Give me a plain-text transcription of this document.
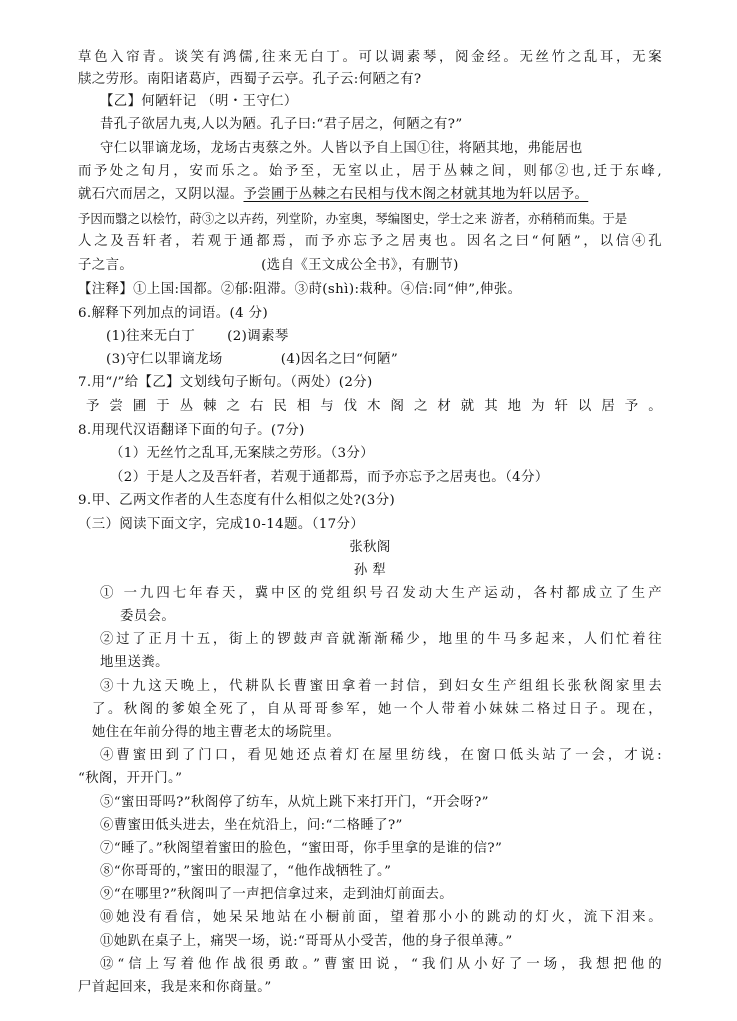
草色入帘青。谈笑有鸿儒,往来无白丁。可以调素琴，阅金经。无丝竹之乱耳，无案
牍之劳形。南阳诸葛庐，西蜀子云亭。孔子云:何陋之有?
【乙】何陋轩记 （明・王守仁）
昔孔子欲居九夷,人以为陋。孔子曰:“君子居之，何陋之有?”
守仁以罪谪龙场，龙场古夷蔡之外。人皆以予自上国①往，将陋其地，弗能居也
而予处之旬月，安而乐之。始予至，无室以止，居于丛棘之间，则郁②也,迁于东峰,
就石穴而居之，又阴以湿。予尝圃于丛棘之右民相与伐木阁之材就其地为轩以居予。
予因而翳之以桧竹，莳③之以卉药，列堂阶，办室奥，琴编图史，学士之来 游者，亦稍稍而集。于是
人之及吾轩者，若观于通都焉，而予亦忘予之居夷也。因名之曰“何陋”，以信④孔
子之言。	(选自《王文成公全书》，有删节)
【注释】①上国:国都。②郁:阻滞。③莳(shì):栽种。④信:同“伸”,伸张。
6.解释下列加点的词语。(4 分)
(1)往来无白丁 (2)调素琴
(3)守仁以罪谪龙场	(4)因名之曰“何陋”
7.用“/”给【乙】文划线句子断句。（两处）(2分)
予尝圃于丛棘之右民相与伐木阁之材就其地为轩以居予。
8.用现代汉语翻译下面的句子。(7分)
（1）无丝竹之乱耳,无案牍之劳形。（3分）
（2）于是人之及吾轩者，若观于通都焉，而予亦忘予之居夷也。（4分）
9.甲、乙两文作者的人生态度有什么相似之处?(3分)
（三）阅读下面文字，完成10-14题。（17分）
张秋阁
孙 犁
① 一九四七年春天，冀中区的党组织号召发动大生产运动，各村都成立了生产
委员会。
②过了正月十五，街上的锣鼓声音就渐渐稀少，地里的牛马多起来，人们忙着往
地里送粪。
③十九这天晚上，代耕队长曹蜜田拿着一封信，到妇女生产组组长张秋阁家里去
了。秋阁的爹娘全死了，自从哥哥参军，她一个人带着小妹妹二格过日子。现在，
她住在年前分得的地主曹老太的场院里。
④曹蜜田到了门口，看见她还点着灯在屋里纺线，在窗口低头站了一会，才说:
“秋阁，开开门。”
⑤“蜜田哥吗?”秋阁停了纺车，从炕上跳下来打开门，“开会呀?”
⑥曹蜜田低头进去，坐在炕沿上，问:“二格睡了?”
⑦“睡了。”秋阁望着蜜田的脸色，“蜜田哥，你手里拿的是谁的信?”
⑧“你哥哥的，”蜜田的眼湿了，“他作战牺牲了。”
⑨“在哪里?”秋阁叫了一声把信拿过来，走到油灯前面去。
⑩她没有看信，她呆呆地站在小橱前面，望着那小小的跳动的灯火，流下泪来。
⑪她趴在桌子上，痛哭一场，说:“哥哥从小受苦，他的身子很单薄。”
⑫“信上写着他作战很勇敢。”曹蜜田说，“我们从小好了一场，我想把他的
尸首起回来，我是来和你商量。”
